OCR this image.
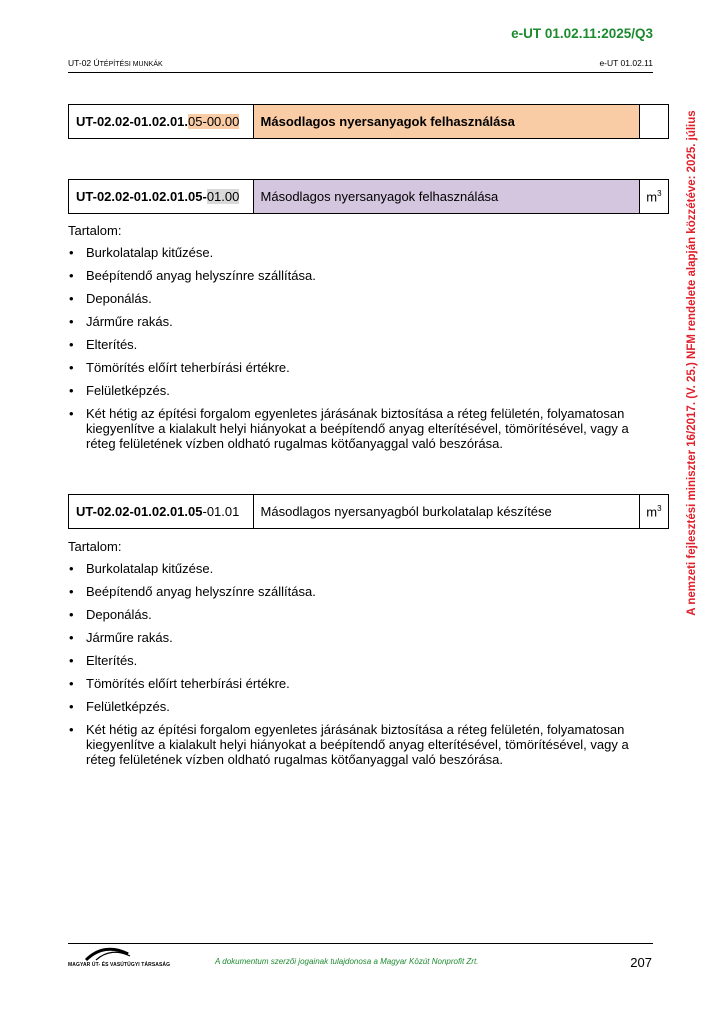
e-UT 01.02.11:2025/Q3
UT-02 ÚTÉPÍTÉSI MUNKÁK	e-UT 01.02.11
A nemzeti fejlesztési miniszter 16/2017. (V. 25.) NFM rendelete alapján közzétéve: 2025. július
UT-02.02-01.02.01.05-00.00	Másodlagos nyersanyagok felhasználása	
UT-02.02-01.02.01.05-01.00	Másodlagos nyersanyagok felhasználása	$m^3$

Tartalom:

• Burkolatalap kitűzése.
• Beépítendő anyag helyszínre szállítása.
• Deponálás.
• Járműre rakás.
• Elterítés.
• Tömörítés előírt teherbírási értékre.
• Felületképzés.
• Két hétig az építési forgalom egyenletes járásának biztosítása a réteg felületén, folyamatosan kiegyenlítve a kialakult helyi hiányokat a beépítendő anyag elterítésével, tömörítésével, vagy a réteg felületének vízben oldható rugalmas kötőanyaggal való beszórása.
UT-02.02-01.02.01.05-01.01	Másodlagos nyersanyagból burkolatalap készítése	$m^3$

Tartalom:

• Burkolatalap kitűzése.
• Beépítendő anyag helyszínre szállítása.
• Deponálás.
• Járműre rakás.
• Elterítés.
• Tömörítés előírt teherbírási értékre.
• Felületképzés.
• Két hétig az építési forgalom egyenletes járásának biztosítása a réteg felületén, folyamatosan kiegyenlítve a kialakult helyi hiányokat a beépítendő anyag elterítésével, tömörítésével, vagy a réteg felületének vízben oldható rugalmas kötőanyaggal való beszórása.
MAGYAR ÚT- ÉS VASÚTÜGYI TÁRSASÁG	A dokumentum szerzői jogainak tulajdonosa a Magyar Közút Nonprofit Zrt.	207
